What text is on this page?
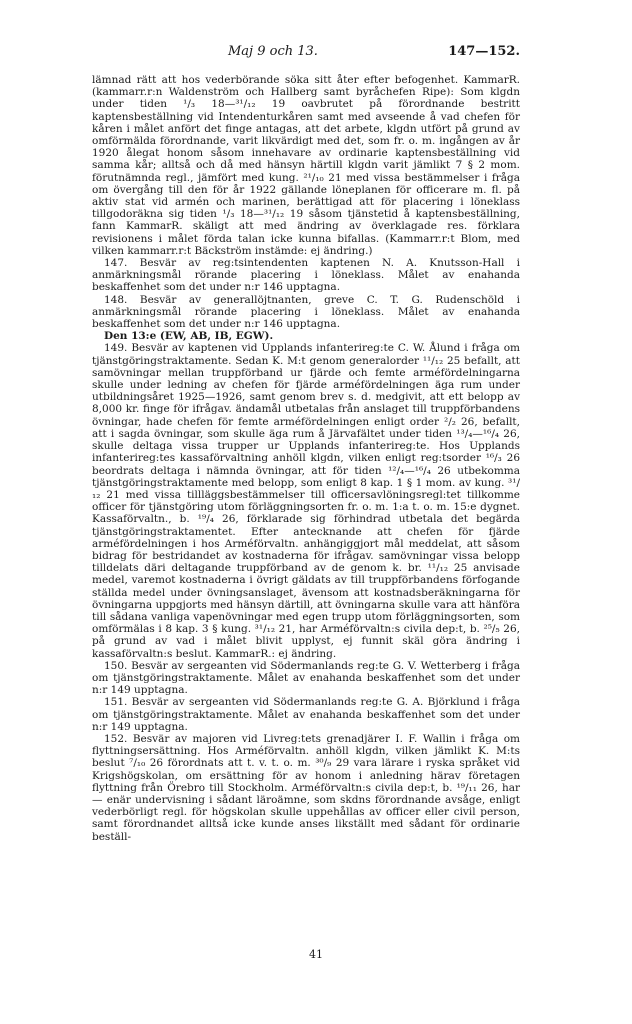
Maj 9 och 13.	147—152.

lämnad rätt att hos vederbörande söka sitt åter efter befogenhet. KammarR. (kammarr.r:n Waldenström och Hallberg samt byråchefen Ripe): Som klgdn under tiden ¹/₃ 18—³¹/₁₂ 19 oavbrutet på förordnande bestritt kaptensbeställning vid Intendenturkåren samt med avseende å vad chefen för kåren i målet anfört det finge antagas, att det arbete, klgdn utfört på grund av omförmälda förordnande, varit likvärdigt med det, som fr. o. m. ingången av år 1920 ålegat honom såsom innehavare av ordinarie kaptensbeställning vid samma kår; alltså och då med hänsyn härtill klgdn varit jämlikt 7 § 2 mom. förutnämnda regl., jämfört med kung. ²¹/₁₀ 21 med vissa bestämmelser i fråga om övergång till den för år 1922 gällande löneplanen för officerare m. fl. på aktiv stat vid armén och marinen, berättigad att för placering i löneklass tillgodoräkna sig tiden ¹/₃ 18—³¹/₁₂ 19 såsom tjänstetid å kaptensbeställning, fann KammarR. skäligt att med ändring av överklagade res. förklara revisionens i målet förda talan icke kunna bifallas. (Kammarr.r:t Blom, med vilken kammarr.r:t Bäckström instämde: ej ändring.)

147. Besvär av reg:tsintendenten kaptenen N. A. Knutsson-Hall i anmärkningsmål rörande placering i löneklass. Målet av enahanda beskaffenhet som det under n:r 146 upptagna.

148. Besvär av generallöjtnanten, greve C. T. G. Rudenschöld i anmärkningsmål rörande placering i löneklass. Målet av enahanda beskaffenhet som det under n:r 146 upptagna.

Den 13:e (EW, AB, IB, EGW).

149. Besvär av kaptenen vid Upplands infanterireg:te C. W. Ålund i fråga om tjänstgöringstraktamente. Sedan K. M:t genom generalorder ¹¹/₁₂ 25 befallt, att samövningar mellan truppförband ur fjärde och femte arméfördelningarna skulle under ledning av chefen för fjärde arméfördelningen äga rum under utbildningsåret 1925—1926, samt genom brev s. d. medgivit, att ett belopp av 8,000 kr. finge för ifrågav. ändamål utbetalas från anslaget till truppförbandens övningar, hade chefen för femte arméfördelningen enligt order ²/₂ 26, befallt, att i sagda övningar, som skulle äga rum å Järvafältet under tiden ¹³/₄—¹⁶/₄ 26, skulle deltaga vissa trupper ur Upplands infanterireg:te. Hos Upplands infanterireg:tes kassaförvaltning anhöll klgdn, vilken enligt reg:tsorder ¹⁶/₃ 26 beordrats deltaga i nämnda övningar, att för tiden ¹²/₄—¹⁶/₄ 26 utbekomma tjänstgöringstraktamente med belopp, som enligt 8 kap. 1 § 1 mom. av kung. ³¹/₁₂ 21 med vissa tillläggsbestämmelser till officersavlöningsregl:tet tillkomme officer för tjänstgöring utom förläggningsorten fr. o. m. 1:a t. o. m. 15:e dygnet. Kassaförvaltn., b. ¹⁹/₄ 26, förklarade sig förhindrad utbetala det begärda tjänstgöringstraktamentet. Efter antecknande att chefen för fjärde arméfördelningen i hos Arméförvaltn. anhängiggjort mål meddelat, att såsom bidrag för bestridandet av kostnaderna för ifrågav. samövningar vissa belopp tilldelats däri deltagande truppförband av de genom k. br. ¹¹/₁₂ 25 anvisade medel, varemot kostnaderna i övrigt gäldats av till truppförbandens förfogande ställda medel under övningsanslaget, ävensom att kostnadsberäkningarna för övningarna uppgjorts med hänsyn därtill, att övningarna skulle vara att hänföra till sådana vanliga vapenövningar med egen trupp utom förläggningsorten, som omförmälas i 8 kap. 3 § kung. ³¹/₁₂ 21, har Arméförvaltn:s civila dep:t, b. ²⁵/₅ 26, på grund av vad i målet blivit upplyst, ej funnit skäl göra ändring i kassaförvaltn:s beslut. KammarR.: ej ändring.

150. Besvär av sergeanten vid Södermanlands reg:te G. V. Wetterberg i fråga om tjänstgöringstraktamente. Målet av enahanda beskaffenhet som det under n:r 149 upptagna.

151. Besvär av sergeanten vid Södermanlands reg:te G. A. Björklund i fråga om tjänstgöringstraktamente. Målet av enahanda beskaffenhet som det under n:r 149 upptagna.

152. Besvär av majoren vid Livreg:tets grenadjärer I. F. Wallin i fråga om flyttningsersättning. Hos Arméförvaltn. anhöll klgdn, vilken jämlikt K. M:ts beslut ⁷/₁₀ 26 förordnats att t. v. t. o. m. ³⁰/₉ 29 vara lärare i ryska språket vid Krigshögskolan, om ersättning för av honom i anledning härav företagen flyttning från Örebro till Stockholm. Arméförvaltn:s civila dep:t, b. ¹⁹/₁₁ 26, har — enär undervisning i sådant läroämne, som skdns förordnande avsåge, enligt vederbörligt regl. för högskolan skulle uppehållas av officer eller civil person, samt förordnandet alltså icke kunde anses likställt med sådant för ordinarie beställ-

41
